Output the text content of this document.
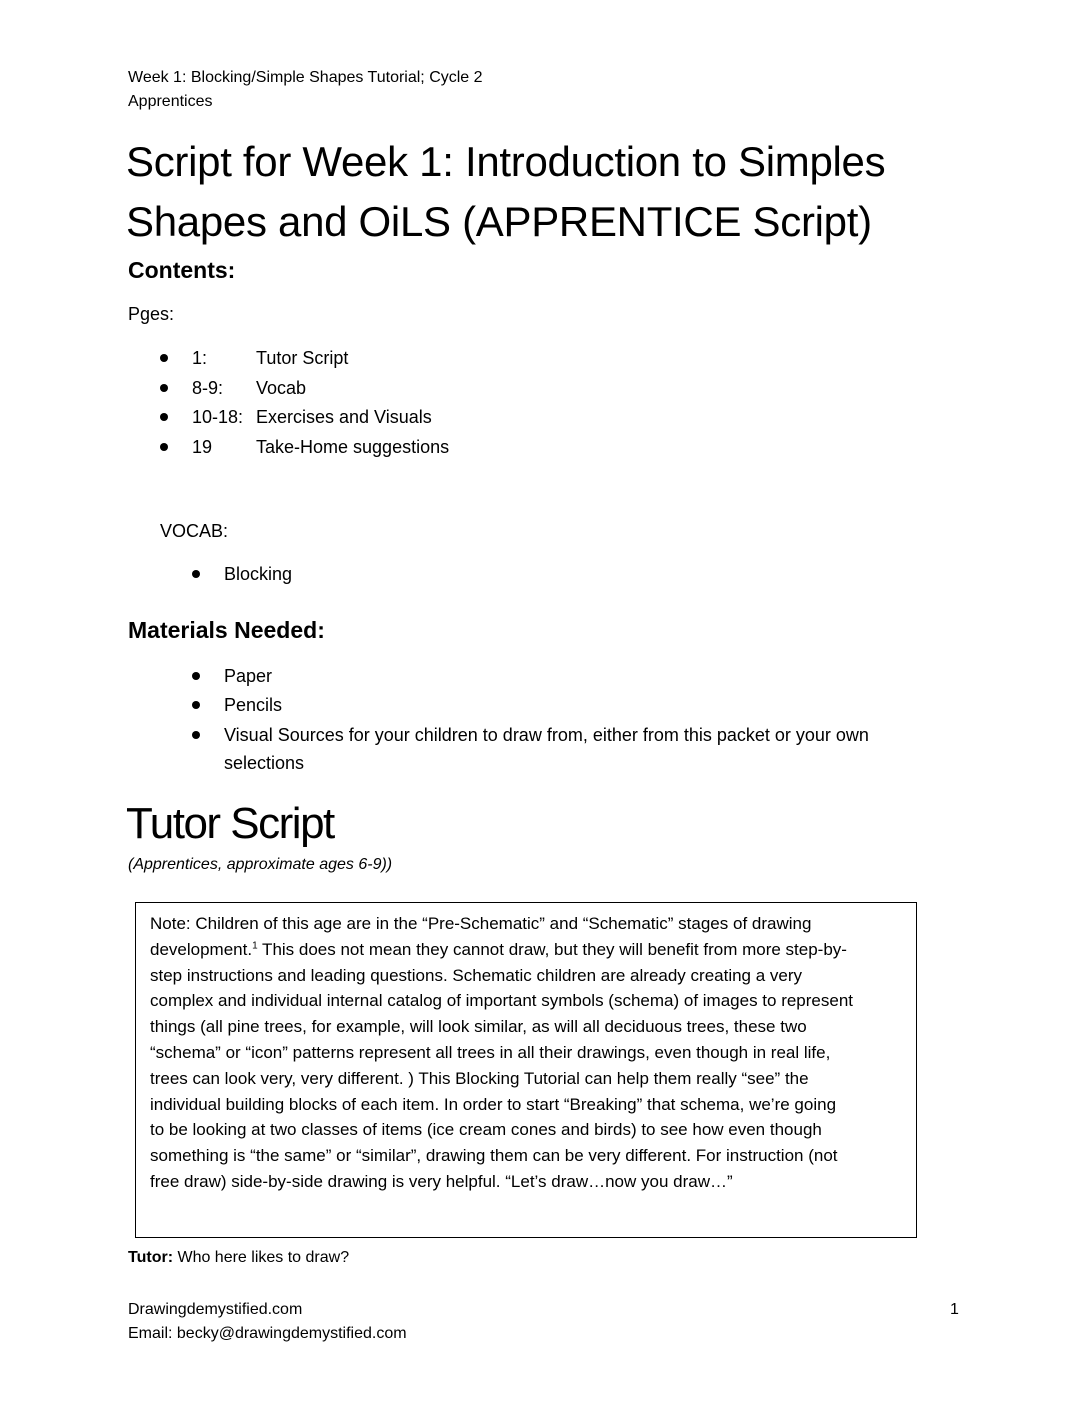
Week 1: Blocking/Simple Shapes Tutorial; Cycle 2
Apprentices
Script for Week 1: Introduction to Simples
Shapes and OiLS (APPRENTICE Script)
Contents:
Pges:
1:	Tutor Script
8-9: Vocab
10-18: Exercises and Visuals
19 Take-Home suggestions
VOCAB:
Blocking
Materials Needed:
Paper
Pencils
Visual Sources for your children to draw from, either from this packet or your own
selections
Tutor Script
(Apprentices, approximate ages 6-9))
Note: Children of this age are in the “Pre-Schematic” and “Schematic” stages of drawing
development.$^1$ This does not mean they cannot draw, but they will benefit from more step-by-
step instructions and leading questions. Schematic children are already creating a very
complex and individual internal catalog of important symbols (schema) of images to represent
things (all pine trees, for example, will look similar, as will all deciduous trees, these two
“schema” or “icon” patterns represent all trees in all their drawings, even though in real life,
trees can look very, very different. ) This Blocking Tutorial can help them really “see” the
individual building blocks of each item. In order to start “Breaking” that schema, we’re going
to be looking at two classes of items (ice cream cones and birds) to see how even though
something is “the same” or “similar”, drawing them can be very different. For instruction (not
free draw) side-by-side drawing is very helpful. “Let’s draw…now you draw…”
Tutor: Who here likes to draw?
Drawingdemystified.com
Email: becky@drawingdemystified.com
1
